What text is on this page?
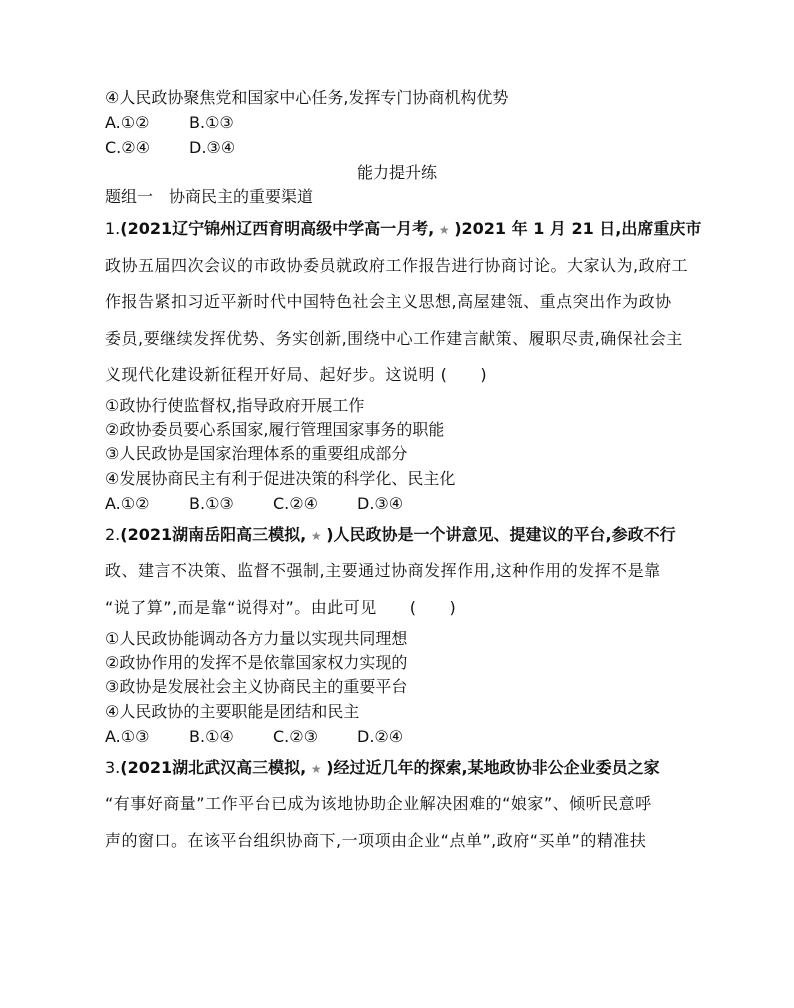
④人民政协聚焦党和国家中心任务,发挥专门协商机构优势
A.①② B.①③
C.②④ D.③④
能力提升练
题组一　协商民主的重要渠道
1.(2021辽宁锦州辽西育明高级中学高一月考, ★ )2021 年 1 月 21 日,出席重庆市
政协五届四次会议的市政协委员就政府工作报告进行协商讨论。大家认为,政府工
作报告紧扣习近平新时代中国特色社会主义思想,高屋建瓴、重点突出作为政协
委员,要继续发挥优势、务实创新,围绕中心工作建言献策、履职尽责,确保社会主
义现代化建设新征程开好局、起好步。这说明 (　　)
①政协行使监督权,指导政府开展工作
②政协委员要心系国家,履行管理国家事务的职能
③人民政协是国家治理体系的重要组成部分
④发展协商民主有利于促进决策的科学化、民主化
A.①② B.①③ C.②④ D.③④
2.(2021湖南岳阳高三模拟, ★ )人民政协是一个讲意见、提建议的平台,参政不行
政、建言不决策、监督不强制,主要通过协商发挥作用,这种作用的发挥不是靠
“说了算”,而是靠“说得对”。由此可见　　(　　)
①人民政协能调动各方力量以实现共同理想
②政协作用的发挥不是依靠国家权力实现的
③政协是发展社会主义协商民主的重要平台
④人民政协的主要职能是团结和民主
A.①③ B.①④ C.②③ D.②④
3.(2021湖北武汉高三模拟, ★ )经过近几年的探索,某地政协非公企业委员之家
“有事好商量”工作平台已成为该地协助企业解决困难的“娘家”、倾听民意呼
声的窗口。在该平台组织协商下,一项项由企业“点单”,政府“买单”的精准扶
